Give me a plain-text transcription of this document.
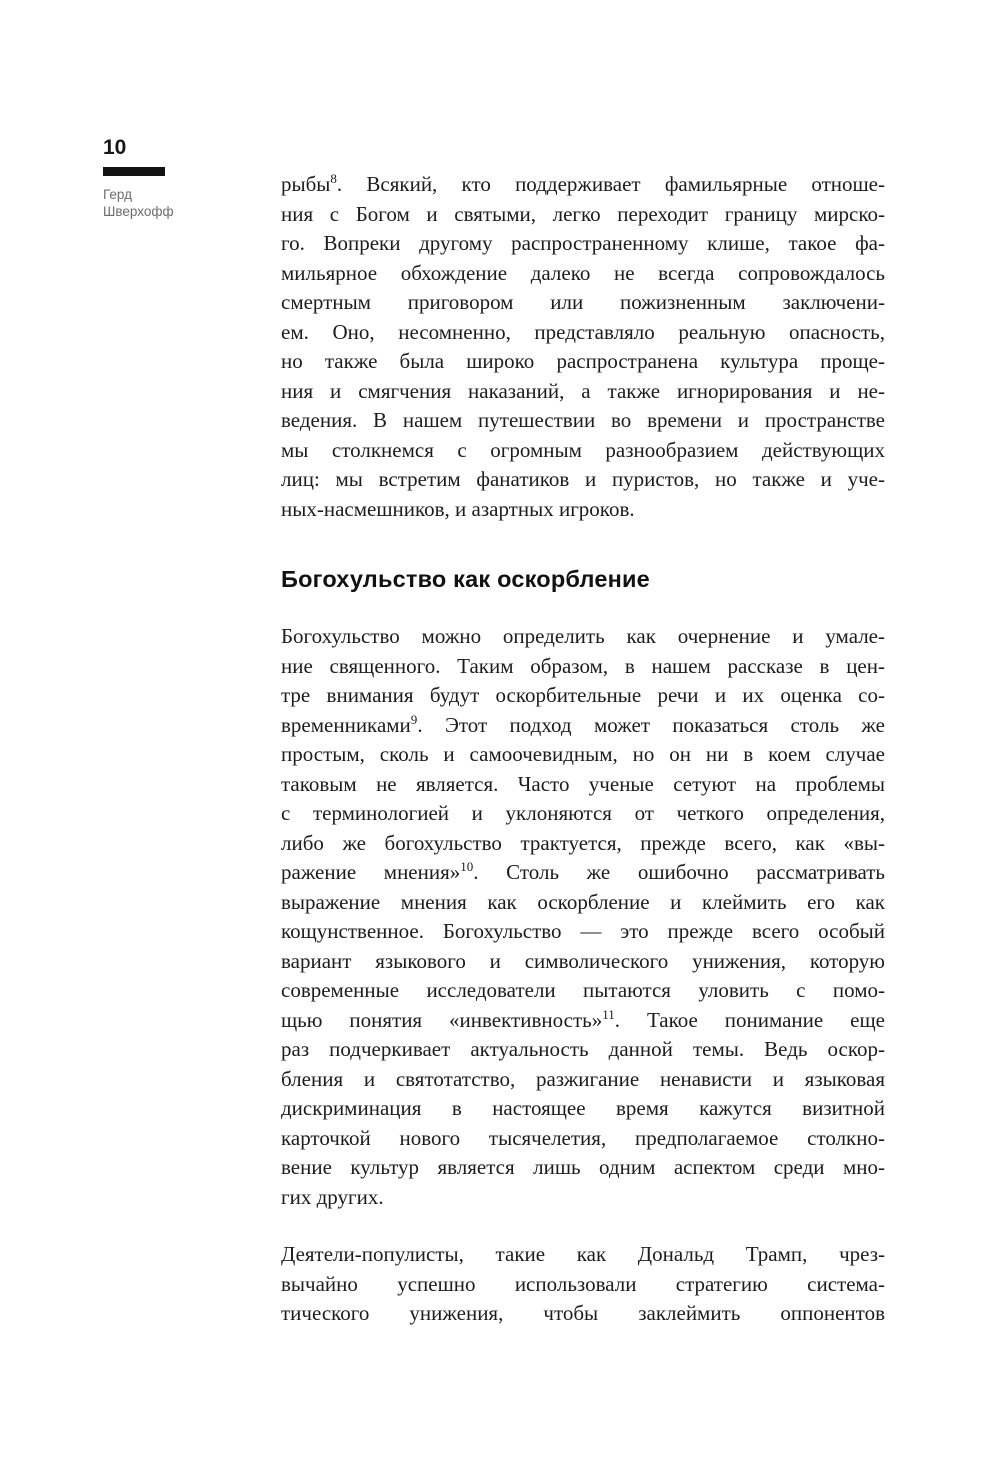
10
Герд
Шверхофф
рыбы$^8$. Всякий, кто поддерживает фамильярные отноше-
ния с Богом и святыми, легко переходит границу мирско-
го. Вопреки другому распространенному клише, такое фа-
мильярное обхождение далеко не всегда сопровождалось
смертным приговором или пожизненным заключени-
ем. Оно, несомненно, представляло реальную опасность,
но также была широко распространена культура проще-
ния и смягчения наказаний, а также игнорирования и не-
ведения. В нашем путешествии во времени и пространстве
мы столкнемся с огромным разнообразием действующих
лиц: мы встретим фанатиков и пуристов, но также и уче-
ных-насмешников, и азартных игроков.
Богохульство как оскорбление
Богохульство можно определить как очернение и умале-
ние священного. Таким образом, в нашем рассказе в цен-
тре внимания будут оскорбительные речи и их оценка со-
временниками$^9$. Этот подход может показаться столь же
простым, сколь и самоочевидным, но он ни в коем случае
таковым не является. Часто ученые сетуют на проблемы
с терминологией и уклоняются от четкого определения,
либо же богохульство трактуется, прежде всего, как «вы-
ражение мнения»$^{10}$. Столь же ошибочно рассматривать
выражение мнения как оскорбление и клеймить его как
кощунственное. Богохульство — это прежде всего особый
вариант языкового и символического унижения, которую
современные исследователи пытаются уловить с помо-
щью понятия «инвективность»$^{11}$. Такое понимание еще
раз подчеркивает актуальность данной темы. Ведь оскор-
бления и святотатство, разжигание ненависти и языковая
дискриминация в настоящее время кажутся визитной
карточкой нового тысячелетия, предполагаемое столкно-
вение культур является лишь одним аспектом среди мно-
гих других.
Деятели-популисты, такие как Дональд Трамп, чрез-
вычайно успешно использовали стратегию система-
тического унижения, чтобы заклеймить оппонентов
